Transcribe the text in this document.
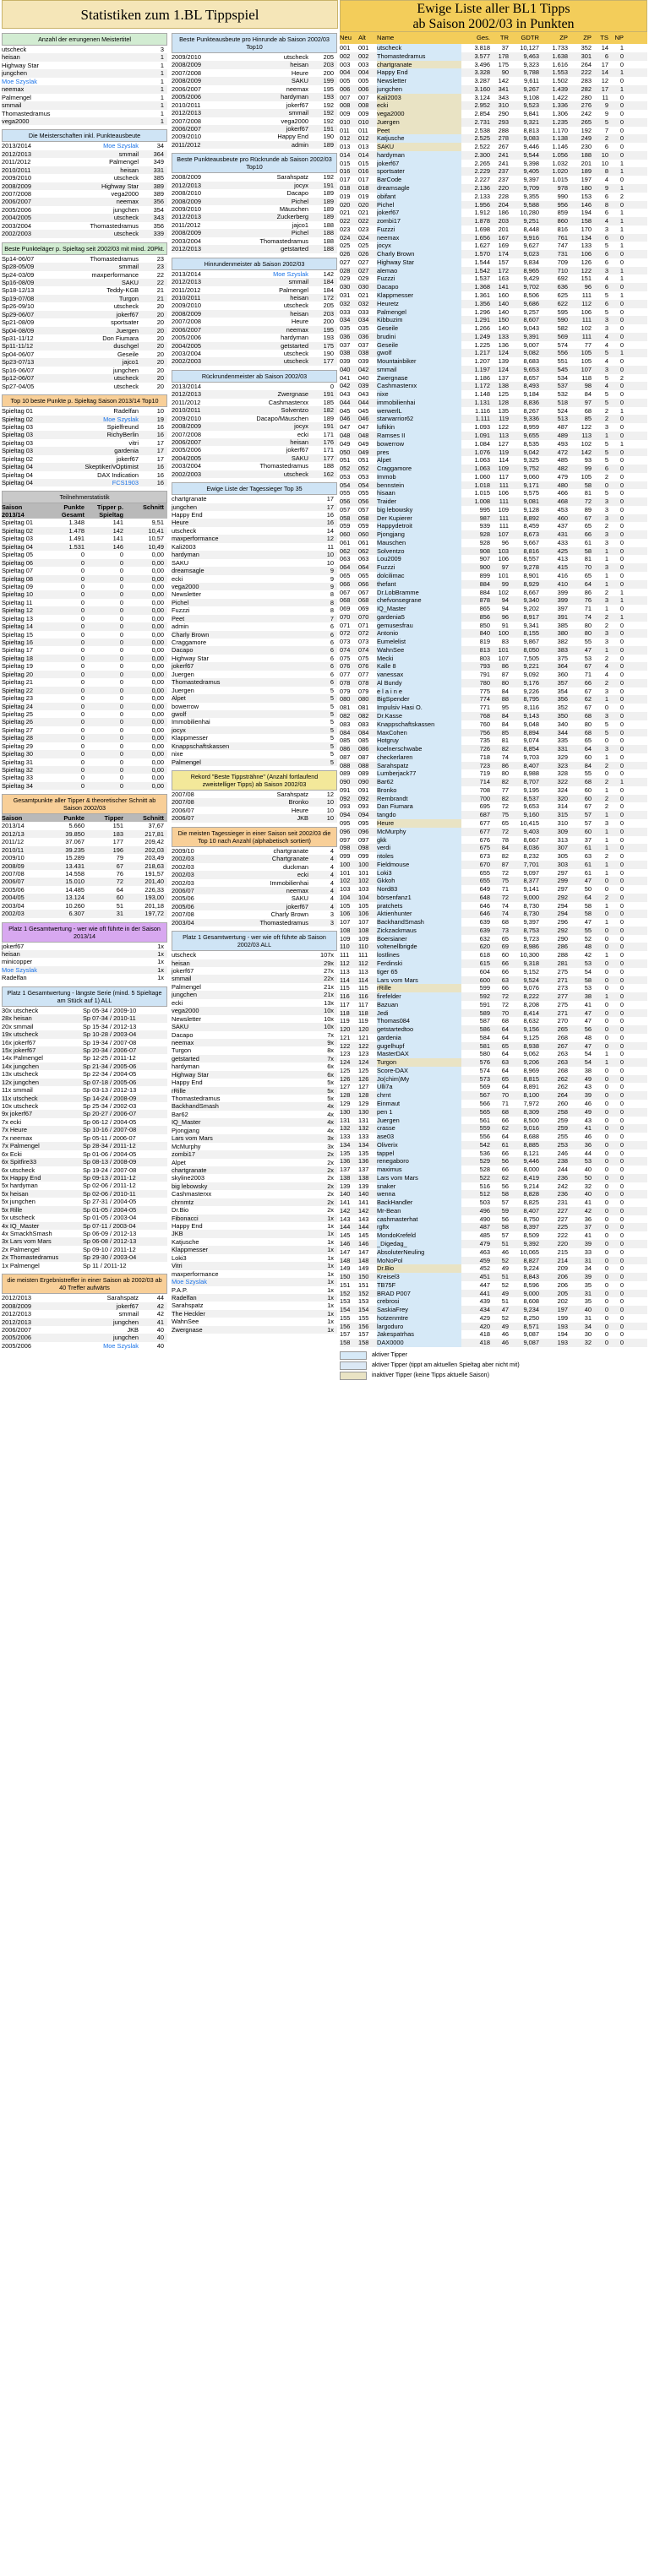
Statistiken zum 1.BL Tippspiel
Anzahl der errungenen Meistertitel
utscheck	3
heisan	1
Highway Star	1
jungchen	1
Moe Szyslak	1
neemax	1
Palmengel	1
smmail	1
Thomastedramus	1
vega2000	1
Die Meisterschaften inkl. Punkteausbeute
2013/2014	Moe Szyslak	34
2012/2013	smmail	364
2011/2012	Palmengel	349
2010/2011	heisan	331
2009/2010	utscheck	385
2008/2009	Highway Star	389
2007/2008	vega2000	389
2006/2007	neemax	356
2005/2006	jungchen	354
2004/2005	utscheck	343
2003/2004	Thomastedramus	356
2002/2003	utscheck	339
Beste Punkteläger p. Spieltag seit 2002/03 mit mind. 20Pkt.
Sp14-06/07	Thomastedramus	23
Sp28-05/09	smmail	23
Sp24-03/09	maxperformance	22
Sp16-08/09	SAKU	22
Sp18-12/13	Teddy-KGB	21
Sp19-07/08	Turgon	21
Sp26-09/10	utscheck	20
Sp29-06/07	jokerf67	20
Sp21-08/09	sportsater	20
Sp04-08/09	Juergen	20
Sp31-11/12	Don Fiumara	20
Sp11-11/12	duschgel	20
Sp04-06/07	Geseile	20
Sp23-07/13	jajco1	20
Sp16-06/07	jungchen	20
Sp12-06/07	utscheck	20
Sp27-04/05	utscheck	20
Top 10 beste Punkte p. Spieltag Saison 2013/14 Top10
Spieltag 01	Radelfan	10
Spieltag 02	Moe Szyslak	19
Spieltag 03	Spielfreund	16
Spieltag 03	RichyBerlin	16
Spieltag 03	vitri	17
Spieltag 03	gardenia	17
Spieltag 02	jokerf67	17
Spieltag 04	Skeptiker/vOptimist	16
Spieltag 04	DAX Indication	16
Spieltag 04	FCS1903	16
Teilnehmerstatistik
Saison 2013/14
Punkte Gesamt
Tipper p. Spieltag
Schnitt
Spieltag 01	1.348	141	9,51
Spieltag 02	1.478	142	10,41
Spieltag 03	1.491	141	10,57
Spieltag 04	1.531	146	10,49
Spieltag 05	0	0	0,00
Spieltag 06	0	0	0,00
Spieltag 07	0	0	0,00
Spieltag 08	0	0	0,00
Spieltag 09	0	0	0,00
Spieltag 10	0	0	0,00
Spieltag 11	0	0	0,00
Spieltag 12	0	0	0,00
Spieltag 13	0	0	0,00
Spieltag 14	0	0	0,00
Spieltag 15	0	0	0,00
Spieltag 16	0	0	0,00
Spieltag 17	0	0	0,00
Spieltag 18	0	0	0,00
Spieltag 19	0	0	0,00
Spieltag 20	0	0	0,00
Spieltag 21	0	0	0,00
Spieltag 22	0	0	0,00
Spieltag 23	0	0	0,00
Spieltag 24	0	0	0,00
Spieltag 25	0	0	0,00
Spieltag 26	0	0	0,00
Spieltag 27	0	0	0,00
Spieltag 28	0	0	0,00
Spieltag 29	0	0	0,00
Spieltag 30	0	0	0,00
Spieltag 31	0	0	0,00
Spieltag 32	0	0	0,00
Spieltag 33	0	0	0,00
Spieltag 34	0	0	0,00
Gesamtpunkte aller Tipper & theoretischer Schnitt ab Saison 2002/03
Saison	Punkte	Tipper	Schnitt
2013/14	5.660	151	37,67
2012/13	39.850	183	217,81
2011/12	37.067	177	209,42
2010/11	39.235	196	202,03
2009/10	15.289	79	203,49
2008/09	13.431	67	218,63
2007/08	14.558	76	191,57
2006/07	15.010	72	201,40
2005/06	14.485	64	226,33
2004/05	13.124	60	193,00
2003/04	10.260	51	201,18
2002/03	6.307	31	197,72
Platz 1 Gesamtwertung - wer wie oft führte in der Saison 2013/14
jokerf67	1x
heisan	1x
minicopper	1x
Moe Szyslak	1x
Radelfan	1x
Platz 1 Gesamtwertung - längste Serie (mind. 5 Spieltage am Stück auf 1) ALL
30x utscheck	Sp 05-34 / 2009-10
28x heisan	Sp 07-34 / 2010-11
20x smmail	Sp 15-34 / 2012-13
19x utscheck	Sp 10-28 / 2003-04
16x jokerf67	Sp 19-34 / 2007-08
15x jokerf67	Sp 20-34 / 2006-07
14x Palmengel	Sp 12-25 / 2011-12
14x jungchen	Sp 21-34 / 2005-06
13x utscheck	Sp 22-34 / 2004-05
12x jungchen	Sp 07-18 / 2005-06
11x smmail	Sp 03-13 / 2012-13
11x utscheck	Sp 14-24 / 2008-09
10x utscheck	Sp 25-34 / 2002-03
9x jokerf67	Sp 20-27 / 2006-07
7x ecki	Sp 06-12 / 2004-05
7x Heure	Sp 10-16 / 2007-08
7x neemax	Sp 05-11 / 2006-07
7x Palmengel	Sp 28-34 / 2011-12
6x Ecki	Sp 01-06 / 2004-05
6x Spitfire33	Sp 08-13 / 2008-09
6x utscheck	Sp 19-24 / 2007-08
5x Happy End	Sp 09-13 / 2011-12
5x hardyman	Sp 02-06 / 2011-12
5x heisan	Sp 02-06 / 2010-11
5x jungchen	Sp 27-31 / 2004-05
5x Rille	Sp 01-05 / 2004-05
5x utscheck	Sp 01-05 / 2003-04
4x IQ_Master	Sp 07-11 / 2003-04
4x SmackhSmash	Sp 06-09 / 2012-13
3x Lars vom Mars	Sp 06-08 / 2012-13
2x Palmengel	Sp 09-10 / 2011-12
2x Thomastedramus	Sp 29-30 / 2003-04
1x Palmengel	Sp 11 / 2011-12
die meisten Ergebnistreffer in einer Saison ab 2002/03 ab 40 Treffer aufwärts
2012/2013	Sarahspatz	44
2008/2009	jokerf67	42
2012/2013	smmail	42
2012/2013	jungchen	41
2006/2007	JKB	40
2005/2006	jungchen	40
2005/2006	Moe Szyslak	40
Beste Punkteausbeute pro Hinrunde ab Saison 2002/03 Top10
2009/2010	utscheck	205
2008/2009	heisan	203
2007/2008	Heure	200
2008/2009	SAKU	199
2006/2007	neemax	195
2005/2006	hardyman	193
2010/2011	jokerf67	192
2012/2013	smmail	192
2007/2008	vega2000	192
2006/2007	jokerf67	191
2009/2010	Happy End	190
2011/2012	admin	189
Beste Punkteausbeute pro Rückrunde ab Saison 2002/03 Top10
2008/2009	Sarahspatz	192
2012/2013	jocyx	191
2008/2010	Dacapo	189
2008/2009	Pichel	189
2009/2010	Mäuschen	189
2012/2013	Zuckerberg	189
2011/2012	jajco1	188
2008/2009	Pichel	188
2003/2004	Thomastedramus	188
2012/2013	getstarted	188
Hinrundenmeister ab Saison 2002/03
2013/2014	Moe Szyslak	142
2012/2013	smmail	184
2011/2012	Palmengel	184
2010/2011	heisan	172
2009/2010	utscheck	205
2008/2009	heisan	203
2007/2008	Heure	200
2006/2007	neemax	195
2005/2006	hardyman	193
2004/2005	getstarted	175
2003/2004	utscheck	190
2002/2003	utscheck	177
Rückrundenmeister ab Saison 2002/03
2013/2014	0
2012/2013	Zwergnase	191
2011/2012	Cashmasterxx	185
2010/2011	Solventzo	182
2009/2010	Dacapo/Mäuschen	189
2008/2009	jocyx	191
2007/2008	ecki	171
2006/2007	heisan	176
2005/2006	jokerf67	171
2004/2005	SAKU	177
2003/2004	Thomastedramus	188
2002/2003	utscheck	162
Ewige Liste der Tagessieger Top 35
chartgranate	17
jungchen	17
Happy End	16
Heure	16
utscheck	14
maxperformance	12
Kali2003	11
hardyman	10
SAKU	10
dreamsagle	9
ecki	9
vega2000	9
Newsletter	8
Pichel	8
Fuzzzi	8
Peet	7
admin	6
Charly Brown	6
Craggamore	6
Dacapo	6
Highway Star	6
jokerf67	6
Juergen	6
Thomastedramus	6
Juergen	5
Alpet	5
bowerrow	5
gwolf	5
Immobilienhai	5
jocyx	5
Klappmesser	5
Knappschaftskassen	5
nixe	5
Palmengel	5
Rekord "Beste Tippsträhne" (Anzahl fortlaufend zweistelliger Tipps) ab Saison 2002/03
2007/08	Sarahspatz	12
2007/08	Bronko	10
2006/07	Heure	10
2006/07	JKB	10
Die meisten Tagessieger in einer Saison seit 2002/03 die Top 10 nach Anzahl (alphabetisch sortiert)
2009/10	chartgranate	4
2002/03	Chartgranate	4
2002/03	duckman	4
2002/03	ecki	4
2002/03	Immobilienhai	4
2006/07	neemax	4
2005/06	SAKU	4
2005/06	jokerf67	4
2007/08	Charly Brown	3
2003/04	Thomastedramus	3
Platz 1 Gesamtwertung - wer wie oft führte ab Saison 2002/03 ALL
utscheck	107x
heisan	29x
jokerf67	27x
smmail	22x
Palmengel	21x
jungchen	21x
ecki	13x
vega2000	10x
Newsletter	10x
SAKU	10x
Dacapo	7x
neemax	9x
Turgon	8x
getstarted	7x
hardyman	6x
Highway Star	6x
Happy End	5x
rRille	5x
Thomastedramus	5x
BackhandSmash	4x
Bar62	4x
IQ_Master	4x
Pjongjang	4x
Lars vom Mars	3x
McMurphy	3x
zombi17	2x
Alpet	2x
chartgranate	2x
skyline2003	2x
big lebowsky	2x
Cashmasterxx	2x
chrnmtz	2x
Dr.Bio	2x
Fibonacci	1x
Happy End	1x
JKB	1x
Katjusche	1x
Klappmesser	1x
Loki3	1x
Vitri	1x
maxperformance	1x
Moe Szyslak	1x
P.A.P.	1x
Radelfan	1x
Sarahspatz	1x
The Heckler	1x
WahnSee	1x
Zwergnase	1x
Ewige Liste aller BL1 Tipps
ab Saison 2002/03 in Punkten
Neu	Alt	Name	Ges.	TR	GDTR	ZP	ZP	TS NP
001	001	utscheck	3.818	37	10,127	1.733	352	14	1
002	002	Thomastedramus	3.577	178	9,463	1.638	301	6	0
003	003	chartgranate	3.496	175	9,323	1.616	264	17	0
004	004	Happy End	3.328	90	9,788	1.553	222	14	1
005	005	Newsletter	3.287	142	9,611	1.502	283	12	0
006	006	jungchen	3.160	341	9,267	1.439	282	17	1
007	007	Kali2003	3.124	343	9,108	1.422	280	11	0
008	008	ecki	2.952	310	9,523	1.336	276	9	0
009	009	vega2000	2.854	290	9,841	1.306	242	9	0
010	010	Juergen	2.731	293	9,321	1.235	265	5	0
011	011	Peet	2.538	288	8,813	1.170	192	7	0
012	012	Katjusche	2.525	278	9,083	1.138	249	2	0
013	013	SAKU	2.522	267	9,446	1.146	230	6	0
014	014	hardyman	2.300	241	9,544	1.056	188	10	0
015	015	jokerf67	2.265	241	9,398	1.032	201	10	1
016	016	sportsater	2.229	237	9,405	1.020	189	8	1
017	017	BarCode	2.227	237	9,397	1.015	197	4	0
018	018	dreamsagle	2.136	220	9,709	978	180	9	1
019	019	obifant	2.133	228	9,355	990	153	6	2
020	020	Pichel	1.956	204	9,588	956	146	8	0
021	021	jokerf67	1.912	186	10,280	859	194	6	1
022	022	zombi17	1.878	203	9,251	860	158	4	1
023	023	Fuzzzi	1.698	201	8,448	816	170	3	1
024	024	neemax	1.656	167	9,916	761	134	6	0
025	025	jocyx	1.627	169	9,627	747	133	5	1
026	026	Charly Brown	1.570	174	9,023	731	106	6	0
027	027	Highway Star	1.544	157	9,834	709	126	6	0
028	027	alemao	1.542	172	8,965	710	122	3	1
029	029	Fuzzzi	1.537	163	9,429	692	151	4	1
030	030	Dacapo	1.368	141	9,702	636	96	6	0
031	021	Klappmesser	1.361	160	8,506	625	111	5	1
032	032	Heuretz	1.356	140	9,686	622	112	6	0
033	033	Palmengel	1.296	140	9,257	595	106	5	0
034	034	Kibbuzim	1.291	150	8,607	590	111	3	0
035	035	Geseile	1.266	140	9,043	582	102	3	0
036	036	brudini	1.249	133	9,391	569	111	4	0
037	037	Geseile	1.225	136	9,007	574	77	4	0
038	038	gwolf	1.217	124	9,082	556	105	5	1
039	039	Mountainbiker	1.207	139	8,683	551	105	4	0
040	042	smmail	1.197	124	9,653	545	107	3	0
041	040	Zwergnase	1.186	137	8,657	534	118	5	2
042	039	Cashmasterxx	1.172	138	8,493	537	98	4	0
043	043	nixe	1.148	125	9,184	532	84	5	0
044	044	immobilienhai	1.131	128	8,836	518	97	5	0
045	045	werwerlL	1.116	135	8,267	524	68	2	1
046	046	starwarrior62	1.111	119	9,336	513	85	2	0
047	047	luftikin	1.093	122	8,959	487	122	3	0
048	048	Ramses II	1.091	113	9,655	489	113	1	0
049	049	bowerrow	1.084	127	8,535	493	102	5	1
050	049	pres	1.076	119	9,042	472	142	5	0
051	051	Alpet	1.063	114	9,325	485	93	5	0
052	052	Craggamore	1.063	109	9,752	482	99	6	0
053	053	Immob	1.060	117	9,060	479	105	2	0
054	054	bennstein	1.018	111	9,171	480	58	0	0
055	055	hisaan	1.015	106	9,575	466	81	5	0
056	056	Traider	1.008	111	9,081	468	72	3	0
057	057	big lebowsky	995	109	9,128	453	89	3	0
058	058	Der Kupierer	987	111	8,892	460	67	3	0
059	059	Happydetroit	939	111	8,459	437	65	2	0
060	060	Pjongjang	928	107	8,673	431	66	3	0
061	061	Mauschen	928	96	9,667	433	61	3	0
062	062	Solventzo	908	103	8,816	425	58	1	0
063	063	Lou2009	907	106	8,557	413	81	1	0
064	064	Fuzzzi	900	97	9,278	415	70	3	0
065	065	dolcilimac	899	101	8,901	416	65	1	0
066	066	thefant	884	99	8,929	410	64	1	0
067	067	Dr.LobBramme	884	102	8,667	399	86	2	1
068	068	chefvonsegrane	878	94	9,340	399	76	3	1
069	069	IQ_Master	865	94	9,202	397	71	1	0
070	070	gardenia5	856	96	8,917	391	74	2	1
071	071	gemusesfrau	850	91	9,341	385	80	2	0
072	072	Antonio	840	100	8,155	380	80	3	0
073	073	Eumelelist	819	83	9,867	382	55	3	0
074	074	WahnSee	813	101	8,050	383	47	1	0
075	075	Mecki	803	107	7,505	375	53	2	0
076	076	Kalle 8	793	86	9,221	364	67	4	0
077	077	vanessax	791	87	9,092	360	71	4	0
078	078	Al Bundy	780	80	9,176	357	66	2	0
079	079	e l a i n e	775	84	9,226	354	67	3	0
080	080	BigSpender	774	88	8,795	356	62	1	0
081	081	Impulsiv Hasi O.	771	95	8,116	352	67	0	0
082	082	Dr.Kasse	768	84	9,143	350	68	3	0
083	083	Knappschaftskassen	760	84	9,048	340	80	5	0
084	084	MaxCohen	756	85	8,894	344	68	5	0
085	085	Hotgruy	735	81	9,074	335	65	0	0
086	086	koelnerschwabe	726	82	8,854	331	64	3	0
087	087	checkerlaren	718	74	9,703	329	60	1	0
088	088	Sarahspatz	723	86	8,407	323	84	2	0
089	089	Lumberjack77	719	80	8,988	328	55	0	0
090	090	Bar62	714	82	8,707	322	68	2	1
091	091	Bronko	708	77	9,195	324	60	1	0
092	092	Rembrandt	700	82	8,537	320	60	2	0
093	093	Dan Fiumara	695	72	9,653	314	67	2	0
094	094	tangdo	687	75	9,160	315	57	1	0
095	095	Heure	677	65	10,415	310	57	3	0
096	096	McMurphy	677	72	9,403	309	60	1	0
097	097	gkk	676	78	8,667	313	37	1	0
098	098	verdi	675	84	8,036	307	61	1	0
099	099	ntoles	673	82	8,232	305	63	2	0
100	100	Fieldmouse	670	87	7,701	303	61	1	0
101	101	Loki3	655	72	9,097	297	61	1	0
102	102	Gkkoh	655	75	8,377	299	47	0	0
103	103	Nord83	649	71	9,141	297	50	0	0
104	104	börsenfanz1	648	72	9,000	292	64	2	0
105	105	pratchets	646	74	8,730	294	58	1	0
106	106	Aktienhunter	646	74	8,730	294	58	0	0
107	107	BackhandSmash	639	68	9,397	296	47	1	0
108	108	Zickzackmaus	639	73	8,753	292	55	0	0
109	109	Boersianer	632	65	9,723	290	52	0	0
110	110	voltenellbrigde	620	69	8,986	286	48	0	0
111	111	lostlines	618	60	10,300	288	42	1	0
112	112	Ferdinski	615	66	9,318	281	53	0	0
113	113	tiger 65	604	66	9,152	275	54	0	0
114	114	Lars vom Mars	600	63	9,524	271	58	0	0
115	115	rRille	599	66	9,076	273	53	0	0
116	116	firefelder	592	72	8,222	277	38	1	0
117	117	Bazuan	591	72	8,208	275	41	0	0
118	118	Jedi	589	70	8,414	271	47	0	0
119	119	Thomas084	587	68	8,632	270	47	0	0
120	120	getstartedtoo	586	64	9,156	265	56	0	0
121	121	gardenia	584	64	9,125	268	48	0	0
122	122	gugelhupf	581	65	8,938	267	47	0	0
123	123	MasterDAX	580	64	9,062	263	54	1	0
124	124	Turgon	576	63	9,206	263	54	1	0
125	125	Score-DAX	574	64	8,969	268	38	0	0
126	126	Jo(chim)My	573	65	8,815	262	49	0	0
127	127	Ulli7a	569	64	8,891	262	43	0	0
128	128	chrnt	567	70	8,100	264	39	0	0
129	129	Einmaut	566	71	7,972	260	46	0	0
130	130	pen 1	565	68	8,309	258	49	0	0
131	131	Juergen	561	66	8,500	259	43	0	0
132	132	crasse	559	62	9,016	259	41	0	0
133	133	ase03	556	64	8,688	255	46	0	0
134	134	Oliverix	542	61	8,885	253	36	0	0
135	135	tappel	536	66	8,121	246	44	0	0
136	136	renegaboro	529	56	9,446	238	53	0	0
137	137	maximus	528	66	8,000	244	40	0	0
138	138	Lars vom Mars	522	62	8,419	236	50	0	0
139	139	snaker	516	56	9,214	242	32	0	0
140	140	wenna	512	58	8,828	236	40	0	0
141	141	BackHandler	503	57	8,825	231	41	0	0
142	142	Mr-Bean	496	59	8,407	227	42	0	0
143	143	cashmasterhat	490	56	8,750	227	36	0	0
144	144	rgftx	487	58	8,397	225	37	0	0
145	145	MondoKrefeld	485	57	8,509	222	41	0	0
146	146	_Digedag_	479	51	9,392	220	39	0	0
147	147	AbsoluterNeuling	463	46	10,065	215	33	0	0
148	148	MoNoPol	459	52	8,827	214	31	0	0
149	149	Dr.Bio	452	49	9,224	209	34	0	0
150	150	Kreisel3	451	51	8,843	206	39	0	0
151	151	TB75F	447	52	8,596	206	35	0	0
152	152	BRAD P007	441	49	9,000	205	31	0	0
153	153	crebrosi	439	51	8,608	202	35	0	0
154	154	SaskiaFrey	434	47	9,234	197	40	0	0
155	155	hotzenmtre	429	52	8,250	199	31	0	0
156	156	largoduro	420	49	8,571	193	34	0	0
157	157	Jakespatrhas	418	46	9,087	194	30	0	0
158	158	DAX0000	418	46	9,087	193	32	0	0
aktiver Tipper
aktiver Tipper (tippt am aktuellen Spieltag aber nicht mit)
inaktiver Tipper (keine Tipps aktuelle Saison)
